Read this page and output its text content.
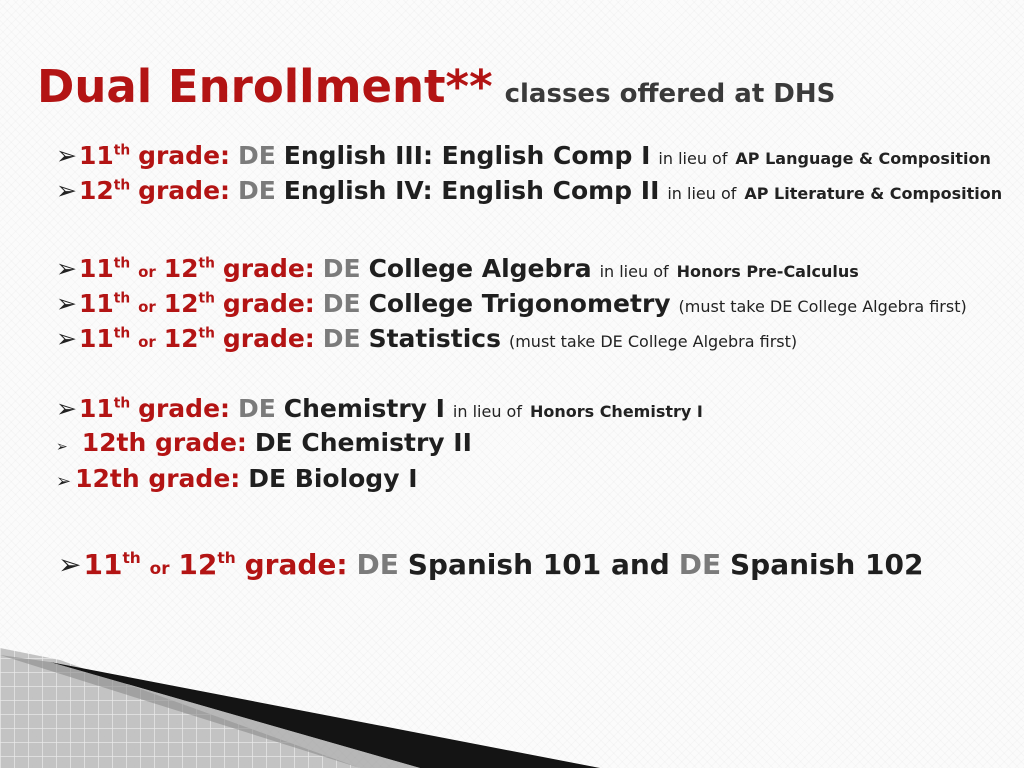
Dual Enrollment** classes offered at DHS
➢11th grade: DE English III: English Comp I in lieu of AP Language & Composition
➢12th grade: DE English IV: English Comp II in lieu of AP Literature & Composition
➢11th or 12th grade: DE College Algebra in lieu of Honors Pre-Calculus
➢11th or 12th grade: DE College Trigonometry (must take DE College Algebra first)
➢11th or 12th grade: DE Statistics (must take DE College Algebra first)
➢11th grade: DE Chemistry I in lieu of Honors Chemistry I
➢ 12th grade: DE Chemistry II
➢ 12th grade: DE Biology I
➢11th or 12th grade: DE Spanish 101 and DE Spanish 102
